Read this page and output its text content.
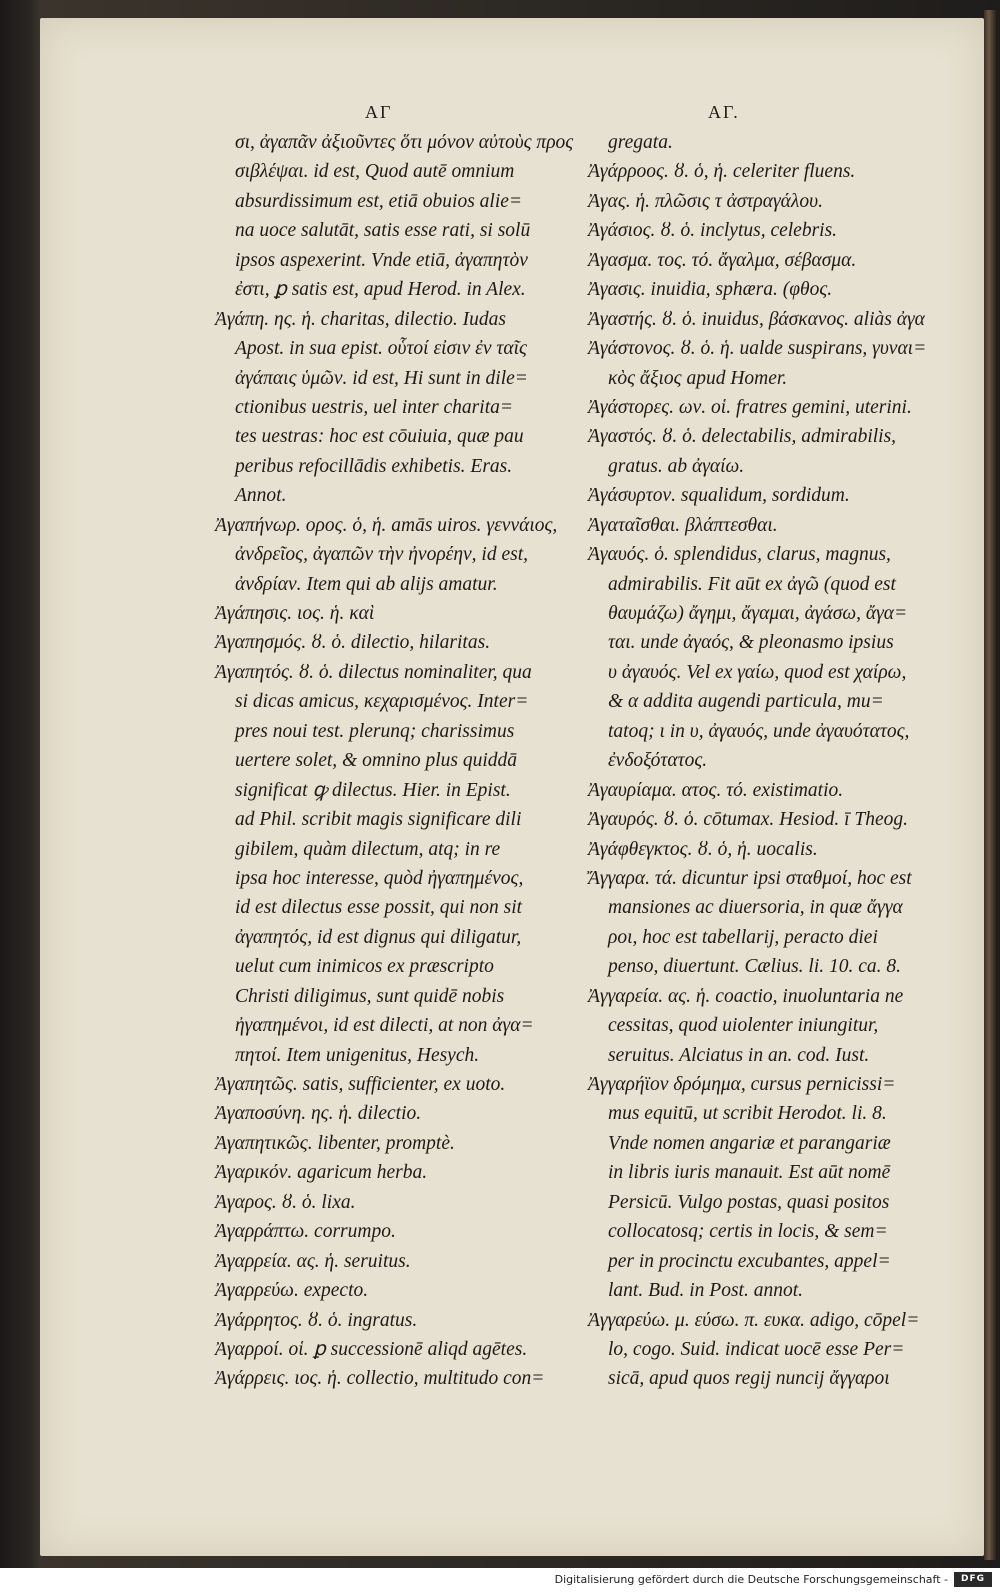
ΑΓ	ΑΓ.
σι, ἀγαπᾶν ἀξιοῦντες ὅτι μόνον αὐτοὺς προς
σιβλέψαι. id est, Quod autē omnium
absurdissimum est, etiā obuios alie=
na uoce salutāt, satis esse rati, si solū
ipsos aspexerint. Vnde etiā, ἀγαπητὸν
ἐστι, ꝑ satis est, apud Herod. in Alex.
Ἀγάπη. ης. ἡ. charitas, dilectio. Iudas
Apost. in sua epist. οὗτοί εἰσιν ἐν ταῖς
ἀγάπαις ὑμῶν. id est, Hi sunt in dile=
ctionibus uestris, uel inter charita=
tes uestras: hoc est cōuiuia, quæ pau
peribus refocillādis exhibetis. Eras.
Annot.
Ἀγαπήνωρ. ορος. ὁ, ἡ. amās uiros. γεννάιος,
ἀνδρεῖος, ἀγαπῶν τὴν ἠνορέην, id est,
ἀνδρίαν. Item qui ab alijs amatur.
Ἀγάπησις. ιος. ἡ. καὶ
Ἀγαπησμός. ȣ. ὁ. dilectio, hilaritas.
Ἀγαπητός. ȣ. ὁ. dilectus nominaliter, qua
si dicas amicus, κεχαρισμένος. Inter=
pres noui test. plerunq; charissimus
uertere solet, & omnino plus quiddā
significat ꝙ dilectus. Hier. in Epist.
ad Phil. scribit magis significare dili
gibilem, quàm dilectum, atq; in re
ipsa hoc interesse, quòd ἠγαπημένος,
id est dilectus esse possit, qui non sit
ἀγαπητός, id est dignus qui diligatur,
uelut cum inimicos ex præscripto
Christi diligimus, sunt quidē nobis
ἠγαπημένοι, id est dilecti, at non ἀγα=
πητοί. Item unigenitus, Hesych.
Ἀγαπητῶς. satis, sufficienter, ex uoto.
Ἀγαποσύνη. ης. ἡ. dilectio.
Ἀγαπητικῶς. libenter, promptè.
Ἀγαρικόν. agaricum herba.
Ἀγαρος. ȣ. ὁ. lixa.
Ἀγαρράπτω. corrumpo.
Ἀγαρρεία. ας. ἡ. seruitus.
Ἀγαρρεύω. expecto.
Ἀγάρρητος. ȣ. ὁ. ingratus.
Ἀγαρροί. οἱ. ꝑ successionē aliqd agētes.
Ἀγάρρεις. ιος. ἡ. collectio, multitudo con=
gregata.
Ἀγάρροος. ȣ. ὁ, ἡ. celeriter fluens.
Ἀγας. ἡ. πλῶσις τ ἀστραγάλου.
Ἀγάσιος. ȣ. ὁ. inclytus, celebris.
Ἀγασμα. τος. τό. ἄγαλμα, σέβασμα.
Ἀγασις. inuidia, sphæra. (φθος.
Ἀγαστής. ȣ. ὁ. inuidus, βάσκανος. aliàs ἀγα
Ἀγάστονος. ȣ. ὁ. ἡ. ualde suspirans, γυναι=
κὸς ἄξιος apud Homer.
Ἀγάστορες. ων. οἱ. fratres gemini, uterini.
Ἀγαστός. ȣ. ὁ. delectabilis, admirabilis,
gratus. ab ἀγαίω.
Ἀγάσυρτον. squalidum, sordidum.
Ἀγαταῖσθαι. βλάπτεσθαι.
Ἀγαυός. ὁ. splendidus, clarus, magnus,
admirabilis. Fit aūt ex ἀγῶ (quod est
θαυμάζω) ἄγημι, ἄγαμαι, ἀγάσω, ἄγα=
ται. unde ἀγαός, & pleonasmo ipsius
υ ἀγαυός. Vel ex γαίω, quod est χαίρω,
& α addita augendi particula, mu=
tatoq; ι in υ, ἀγαυός, unde ἀγαυότατος,
ἐνδοξότατος.
Ἀγαυρίαμα. ατος. τό. existimatio.
Ἀγαυρός. ȣ. ὁ. cōtumax. Hesiod. ī Theog.
Ἀγάφθεγκτος. ȣ. ὁ, ἡ. uocalis.
Ἄγγαρα. τά. dicuntur ipsi σταθμοί, hoc est
mansiones ac diuersoria, in quæ ἄγγα
ροι, hoc est tabellarij, peracto diei
penso, diuertunt. Cælius. li. 10. ca. 8.
Ἀγγαρεία. ας. ἡ. coactio, inuoluntaria ne
cessitas, quod uiolenter iniungitur,
seruitus. Alciatus in an. cod. Iust.
Ἀγγαρήϊον δρόμημα, cursus pernicissi=
mus equitū, ut scribit Herodot. li. 8.
Vnde nomen angariæ et parangariæ
in libris iuris manauit. Est aūt nomē
Persicū. Vulgo postas, quasi positos
collocatosq; certis in locis, & sem=
per in procinctu excubantes, appel=
lant. Bud. in Post. annot.
Ἀγγαρεύω. μ. εύσω. π. ευκα. adigo, cōpel=
lo, cogo. Suid. indicat uocē esse Per=
sicā, apud quos regij nuncij ἄγγαροι
Digitalisierung gefördert durch die Deutsche Forschungsgemeinschaft -	DFG
